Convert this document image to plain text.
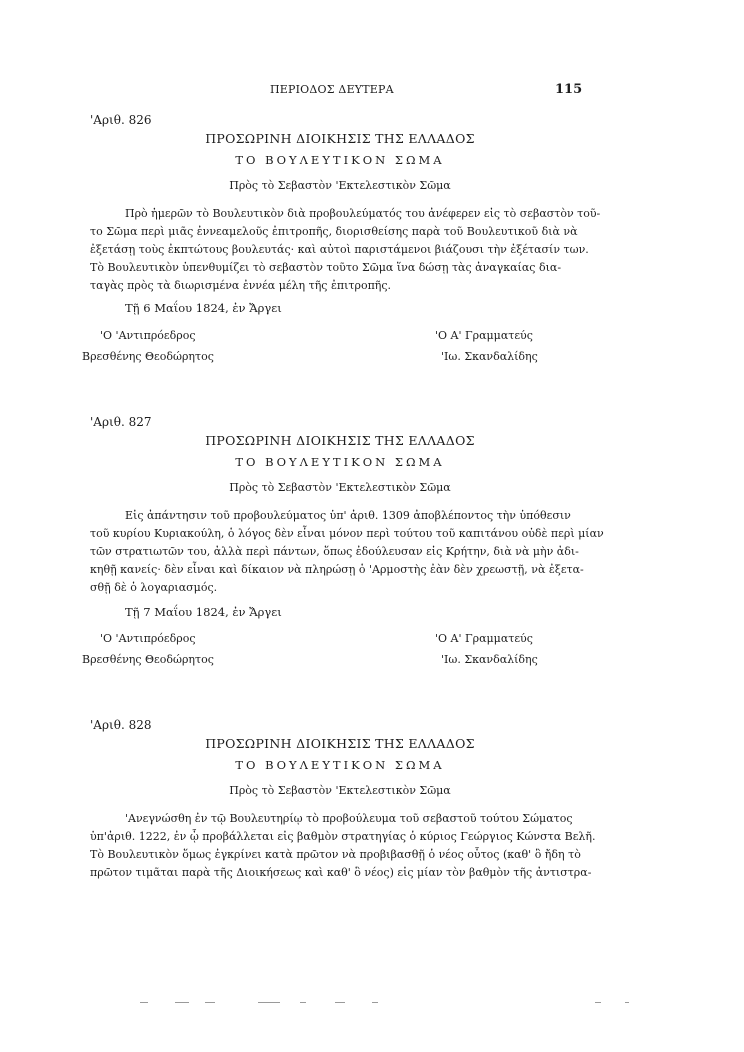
ΠΕΡΙΟΔΟΣ ΔΕΥΤΕΡΑ	115
'Αριθ. 826
ΠΡΟΣΩΡΙΝΗ ΔΙΟΙΚΗΣΙΣ ΤΗΣ ΕΛΛΑΔΟΣ
ΤΟ ΒΟΥΛΕΥΤΙΚΟΝ ΣΩΜΑ
Πρὸς τὸ Σεβαστὸν 'Εκτελεστικὸν Σῶμα
Πρὸ ἡμερῶν τὸ Βουλευτικὸν διὰ προβουλεύματός του ἀνέφερεν εἰς τὸ σεβαστὸν τοῦ-
το Σῶμα περὶ μιᾶς ἐννεαμελοῦς ἐπιτροπῆς, διορισθείσης παρὰ τοῦ Βουλευτικοῦ διὰ νὰ
ἐξετάσῃ τοὺς ἐκπτώτους βουλευτάς· καὶ αὐτοὶ παριστάμενοι βιάζουσι τὴν ἐξέτασίν των.
Τὸ Βουλευτικὸν ὑπενθυμίζει τὸ σεβαστὸν τοῦτο Σῶμα ἵνα δώσῃ τὰς ἀναγκαίας δια-
ταγὰς πρὸς τὰ διωρισμένα ἐννέα μέλη τῆς ἐπιτροπῆς.
Τῇ 6 Μαΐου 1824, ἐν Ἄργει
'Ο 'Αντιπρόεδρος
Βρεσθένης Θεοδώρητος
'Ο Α' Γραμματεύς
'Ιω. Σκανδαλίδης
'Αριθ. 827
ΠΡΟΣΩΡΙΝΗ ΔΙΟΙΚΗΣΙΣ ΤΗΣ ΕΛΛΑΔΟΣ
ΤΟ ΒΟΥΛΕΥΤΙΚΟΝ ΣΩΜΑ
Πρὸς τὸ Σεβαστὸν 'Εκτελεστικὸν Σῶμα
Εἰς ἀπάντησιν τοῦ προβουλεύματος ὑπ' ἀριθ. 1309 ἀποβλέποντος τὴν ὑπόθεσιν
τοῦ κυρίου Κυριακούλη, ὁ λόγος δὲν εἶναι μόνον περὶ τούτου τοῦ καπιτάνου οὐδὲ περὶ μίαν
τῶν στρατιωτῶν του, ἀλλὰ περὶ πάντων, ὅπως ἐδούλευσαν εἰς Κρήτην, διὰ νὰ μὴν ἀδι-
κηθῇ κανείς· δὲν εἶναι καὶ δίκαιον νὰ πληρώσῃ ὁ 'Αρμοστὴς ἐὰν δὲν χρεωστῇ, νὰ ἐξετα-
σθῇ δὲ ὁ λογαριασμός.
Τῇ 7 Μαΐου 1824, ἐν Ἄργει
'Ο 'Αντιπρόεδρος
Βρεσθένης Θεοδώρητος
'Ο Α' Γραμματεύς
'Ιω. Σκανδαλίδης
'Αριθ. 828
ΠΡΟΣΩΡΙΝΗ ΔΙΟΙΚΗΣΙΣ ΤΗΣ ΕΛΛΑΔΟΣ
ΤΟ ΒΟΥΛΕΥΤΙΚΟΝ ΣΩΜΑ
Πρὸς τὸ Σεβαστὸν 'Εκτελεστικὸν Σῶμα
'Ανεγνώσθη ἐν τῷ Βουλευτηρίῳ τὸ προβούλευμα τοῦ σεβαστοῦ τούτου Σώματος
ὑπ'ἀριθ. 1222, ἐν ᾧ προβάλλεται εἰς βαθμὸν στρατηγίας ὁ κύριος Γεώργιος Κώνστα Βελῆ.
Τὸ Βουλευτικὸν ὅμως ἐγκρίνει κατὰ πρῶτον νὰ προβιβασθῇ ὁ νέος οὗτος (καθ' ὃ ἤδη τὸ
πρῶτον τιμᾶται παρὰ τῆς Διοικήσεως καὶ καθ' ὃ νέος) εἰς μίαν τὸν βαθμὸν τῆς ἀντιστρα-
